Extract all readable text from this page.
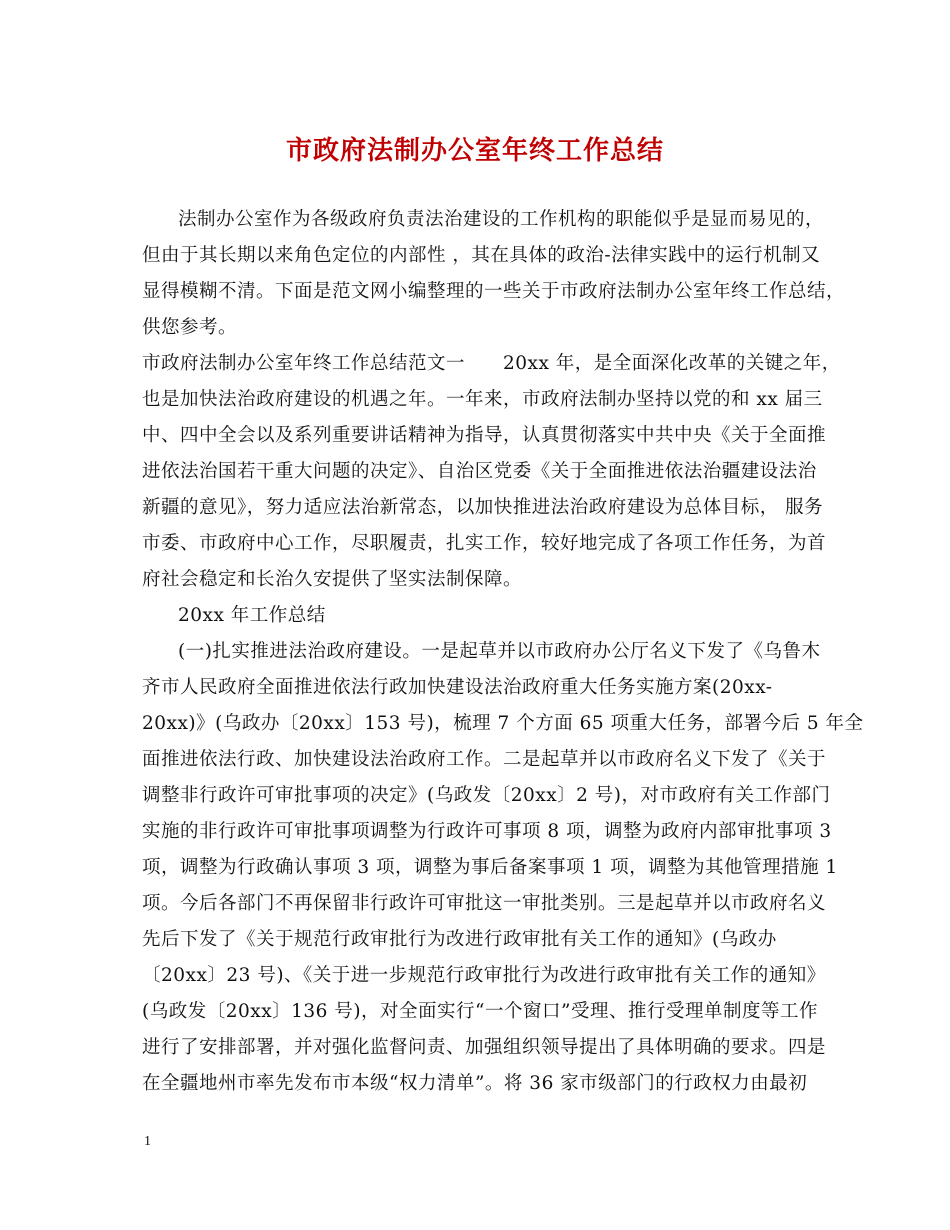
市政府法制办公室年终工作总结
法制办公室作为各级政府负责法治建设的工作机构的职能似乎是显而易见的，
但由于其长期以来角色定位的内部性 ，其在具体的政治-法律实践中的运行机制又
显得模糊不清。下面是范文网小编整理的一些关于市政府法制办公室年终工作总结，
供您参考。
市政府法制办公室年终工作总结范文一　　20xx 年，是全面深化改革的关键之年，
也是加快法治政府建设的机遇之年。一年来，市政府法制办坚持以党的和 xx 届三
中、四中全会以及系列重要讲话精神为指导，认真贯彻落实中共中央《关于全面推
进依法治国若干重大问题的决定》、自治区党委《关于全面推进依法治疆建设法治
新疆的意见》，努力适应法治新常态，以加快推进法治政府建设为总体目标， 服务
市委、市政府中心工作，尽职履责，扎实工作，较好地完成了各项工作任务，为首
府社会稳定和长治久安提供了坚实法制保障。
20xx 年工作总结
(一)扎实推进法治政府建设。一是起草并以市政府办公厅名义下发了《乌鲁木
齐市人民政府全面推进依法行政加快建设法治政府重大任务实施方案(20xx-
20xx)》(乌政办〔20xx〕153 号)，梳理 7 个方面 65 项重大任务，部署今后 5 年全
面推进依法行政、加快建设法治政府工作。二是起草并以市政府名义下发了《关于
调整非行政许可审批事项的决定》(乌政发〔20xx〕2 号)，对市政府有关工作部门
实施的非行政许可审批事项调整为行政许可事项 8 项，调整为政府内部审批事项 3
项，调整为行政确认事项 3 项，调整为事后备案事项 1 项，调整为其他管理措施 1
项。今后各部门不再保留非行政许可审批这一审批类别。三是起草并以市政府名义
先后下发了《关于规范行政审批行为改进行政审批有关工作的通知》(乌政办
〔20xx〕23 号)、《关于进一步规范行政审批行为改进行政审批有关工作的通知》
(乌政发〔20xx〕136 号)，对全面实行“一个窗口”受理、推行受理单制度等工作
进行了安排部署，并对强化监督问责、加强组织领导提出了具体明确的要求。四是
在全疆地州市率先发布市本级“权力清单”。将 36 家市级部门的行政权力由最初
1
